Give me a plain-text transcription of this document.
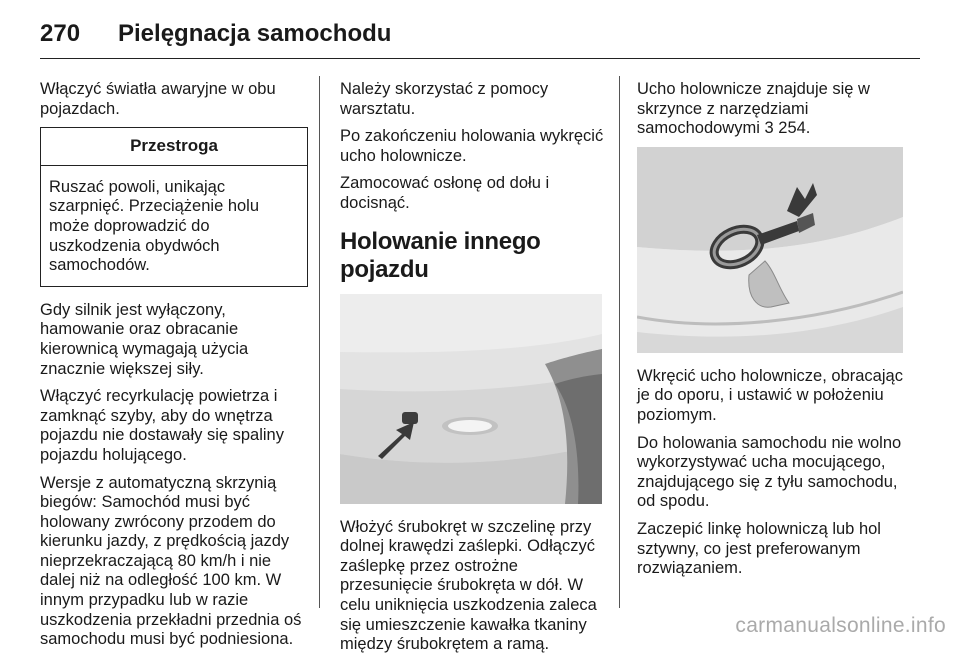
270 Pielęgnacja samochodu

Włączyć światła awaryjne w obu pojazdach.

Przestroga
Ruszać powoli, unikając szarpnięć. Przeciążenie holu może doprowadzić do uszkodzenia obydwóch samochodów.

Gdy silnik jest wyłączony, hamowanie oraz obracanie kierownicą wymagają użycia znacznie większej siły.

Włączyć recyrkulację powietrza i zamknąć szyby, aby do wnętrza pojazdu nie dostawały się spaliny pojazdu holującego.

Wersje z automatyczną skrzynią biegów: Samochód musi być holowany zwrócony przodem do kierunku jazdy, z prędkością jazdy nieprzekraczającą 80 km/h i nie dalej niż na odległość 100 km. W innym przypadku lub w razie uszkodzenia przekładni przednia oś samochodu musi być podniesiona.

Należy skorzystać z pomocy warsztatu.

Po zakończeniu holowania wykręcić ucho holownicze.

Zamocować osłonę od dołu i docisnąć.

Holowanie innego pojazdu

Włożyć śrubokręt w szczelinę przy dolnej krawędzi zaślepki. Odłączyć zaślepkę przez ostrożne przesunięcie śrubokręta w dół. W celu uniknięcia uszkodzenia zaleca się umieszczenie kawałka tkaniny między śrubokrętem a ramą.

Ucho holownicze znajduje się w skrzynce z narzędziami samochodowymi 3 254.

Wkręcić ucho holownicze, obracając je do oporu, i ustawić w położeniu poziomym.

Do holowania samochodu nie wolno wykorzystywać ucha mocującego, znajdującego się z tyłu samochodu, od spodu.

Zaczepić linkę holowniczą lub hol sztywny, co jest preferowanym rozwiązaniem.

carmanualsonline.info
